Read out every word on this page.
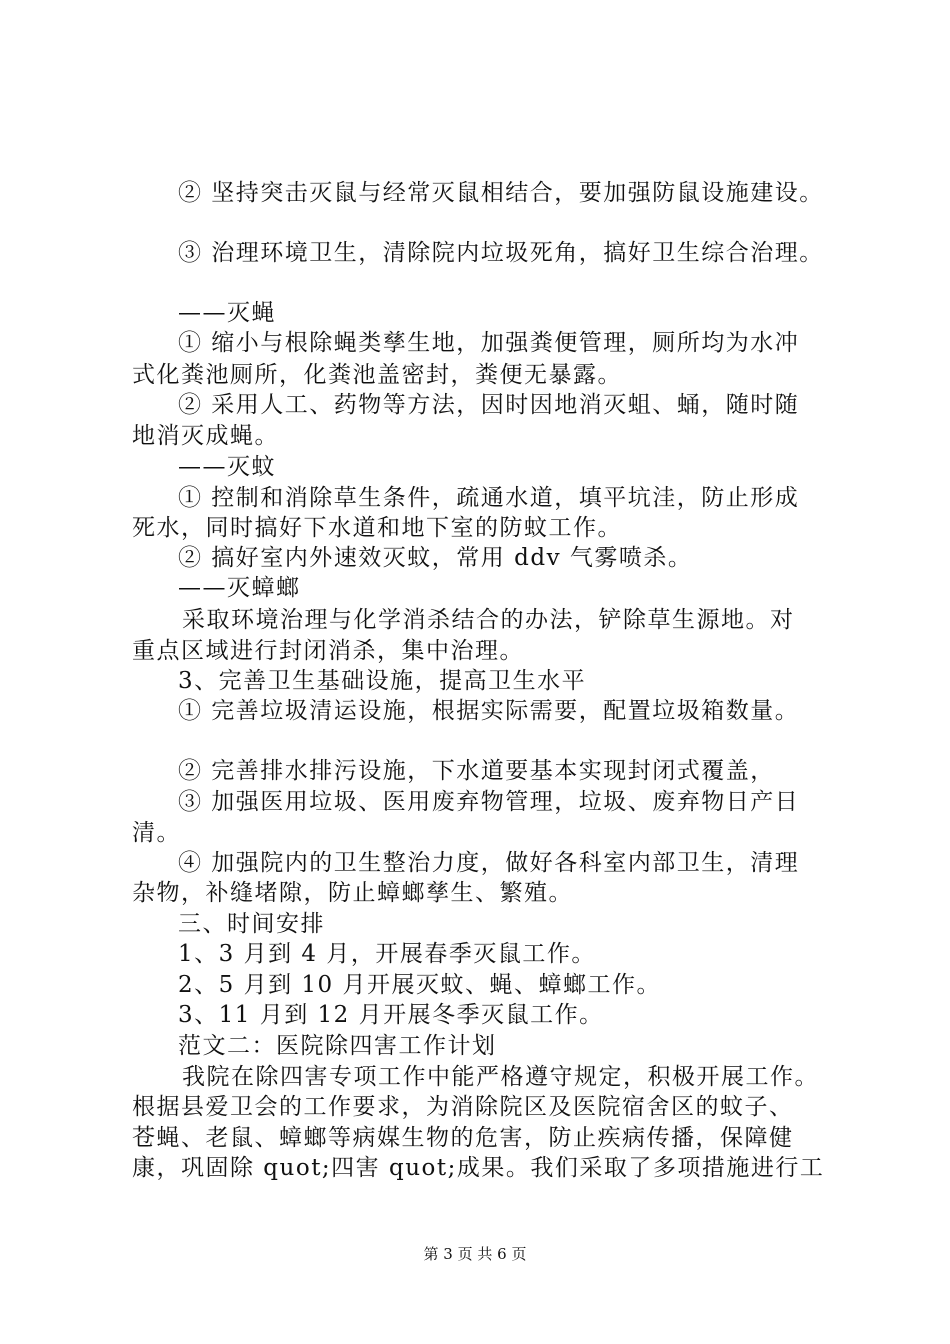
② 坚持突击灭鼠与经常灭鼠相结合，要加强防鼠设施建设。
③ 治理环境卫生，清除院内垃圾死角，搞好卫生综合治理。
——灭蝇
① 缩小与根除蝇类孳生地，加强粪便管理，厕所均为水冲
式化粪池厕所，化粪池盖密封，粪便无暴露。
② 采用人工、药物等方法，因时因地消灭蛆、蛹，随时随
地消灭成蝇。
——灭蚊
① 控制和消除草生条件，疏通水道，填平坑洼，防止形成
死水，同时搞好下水道和地下室的防蚊工作。
② 搞好室内外速效灭蚊，常用 ddv 气雾喷杀。
——灭蟑螂
采取环境治理与化学消杀结合的办法，铲除草生源地。对
重点区域进行封闭消杀，集中治理。
3、完善卫生基础设施，提高卫生水平
① 完善垃圾清运设施，根据实际需要，配置垃圾箱数量。
② 完善排水排污设施，下水道要基本实现封闭式覆盖，
③ 加强医用垃圾、医用废弃物管理，垃圾、废弃物日产日
清。
④ 加强院内的卫生整治力度，做好各科室内部卫生，清理
杂物，补缝堵隙，防止蟑螂孳生、繁殖。
三、时间安排
1、3 月到 4 月，开展春季灭鼠工作。
2、5 月到 10 月开展灭蚊、蝇、蟑螂工作。
3、11 月到 12 月开展冬季灭鼠工作。
范文二：医院除四害工作计划
我院在除四害专项工作中能严格遵守规定，积极开展工作。
根据县爱卫会的工作要求，为消除院区及医院宿舍区的蚊子、
苍蝇、老鼠、蟑螂等病媒生物的危害，防止疾病传播，保障健
康，巩固除 quot;四害 quot;成果。我们采取了多项措施进行工
第 3 页 共 6 页
